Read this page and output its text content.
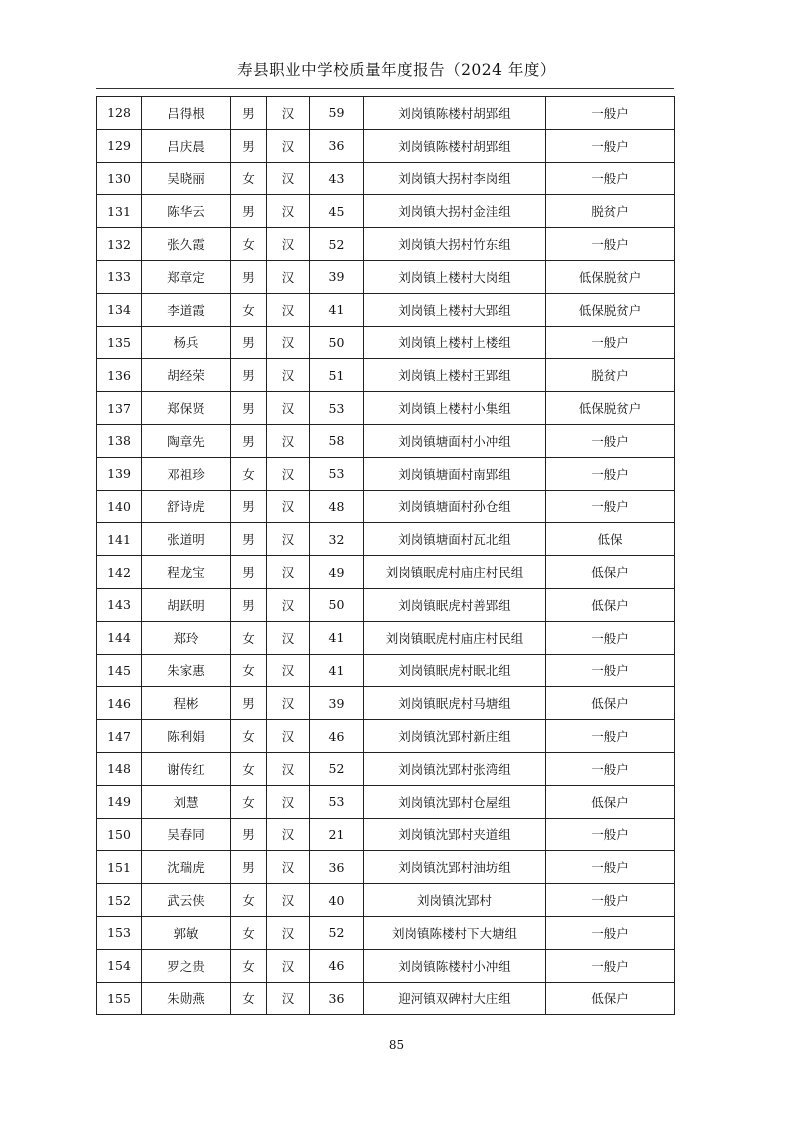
寿县职业中学校质量年度报告（2024 年度）
128	吕得根	男	汉	59	刘岗镇陈楼村胡郢组	一般户
129	吕庆晨	男	汉	36	刘岗镇陈楼村胡郢组	一般户
130	吴晓丽	女	汉	43	刘岗镇大拐村李岗组	一般户
131	陈华云	男	汉	45	刘岗镇大拐村金洼组	脱贫户
132	张久霞	女	汉	52	刘岗镇大拐村竹东组	一般户
133	郑章定	男	汉	39	刘岗镇上楼村大岗组	低保脱贫户
134	李道霞	女	汉	41	刘岗镇上楼村大郢组	低保脱贫户
135	杨兵	男	汉	50	刘岗镇上楼村上楼组	一般户
136	胡经荣	男	汉	51	刘岗镇上楼村王郢组	脱贫户
137	郑保贤	男	汉	53	刘岗镇上楼村小集组	低保脱贫户
138	陶章先	男	汉	58	刘岗镇塘面村小冲组	一般户
139	邓祖珍	女	汉	53	刘岗镇塘面村南郢组	一般户
140	舒诗虎	男	汉	48	刘岗镇塘面村孙仓组	一般户
141	张道明	男	汉	32	刘岗镇塘面村瓦北组	低保
142	程龙宝	男	汉	49	刘岗镇眠虎村庙庄村民组	低保户
143	胡跃明	男	汉	50	刘岗镇眠虎村善郢组	低保户
144	郑玲	女	汉	41	刘岗镇眠虎村庙庄村民组	一般户
145	朱家惠	女	汉	41	刘岗镇眠虎村眠北组	一般户
146	程彬	男	汉	39	刘岗镇眠虎村马塘组	低保户
147	陈利娟	女	汉	46	刘岗镇沈郢村新庄组	一般户
148	谢传红	女	汉	52	刘岗镇沈郢村张湾组	一般户
149	刘慧	女	汉	53	刘岗镇沈郢村仓屋组	低保户
150	吴春同	男	汉	21	刘岗镇沈郢村夹道组	一般户
151	沈瑞虎	男	汉	36	刘岗镇沈郢村油坊组	一般户
152	武云侠	女	汉	40	刘岗镇沈郢村	一般户
153	郭敏	女	汉	52	刘岗镇陈楼村下大塘组	一般户
154	罗之贵	女	汉	46	刘岗镇陈楼村小冲组	一般户
155	朱勋燕	女	汉	36	迎河镇双碑村大庄组	低保户
85
